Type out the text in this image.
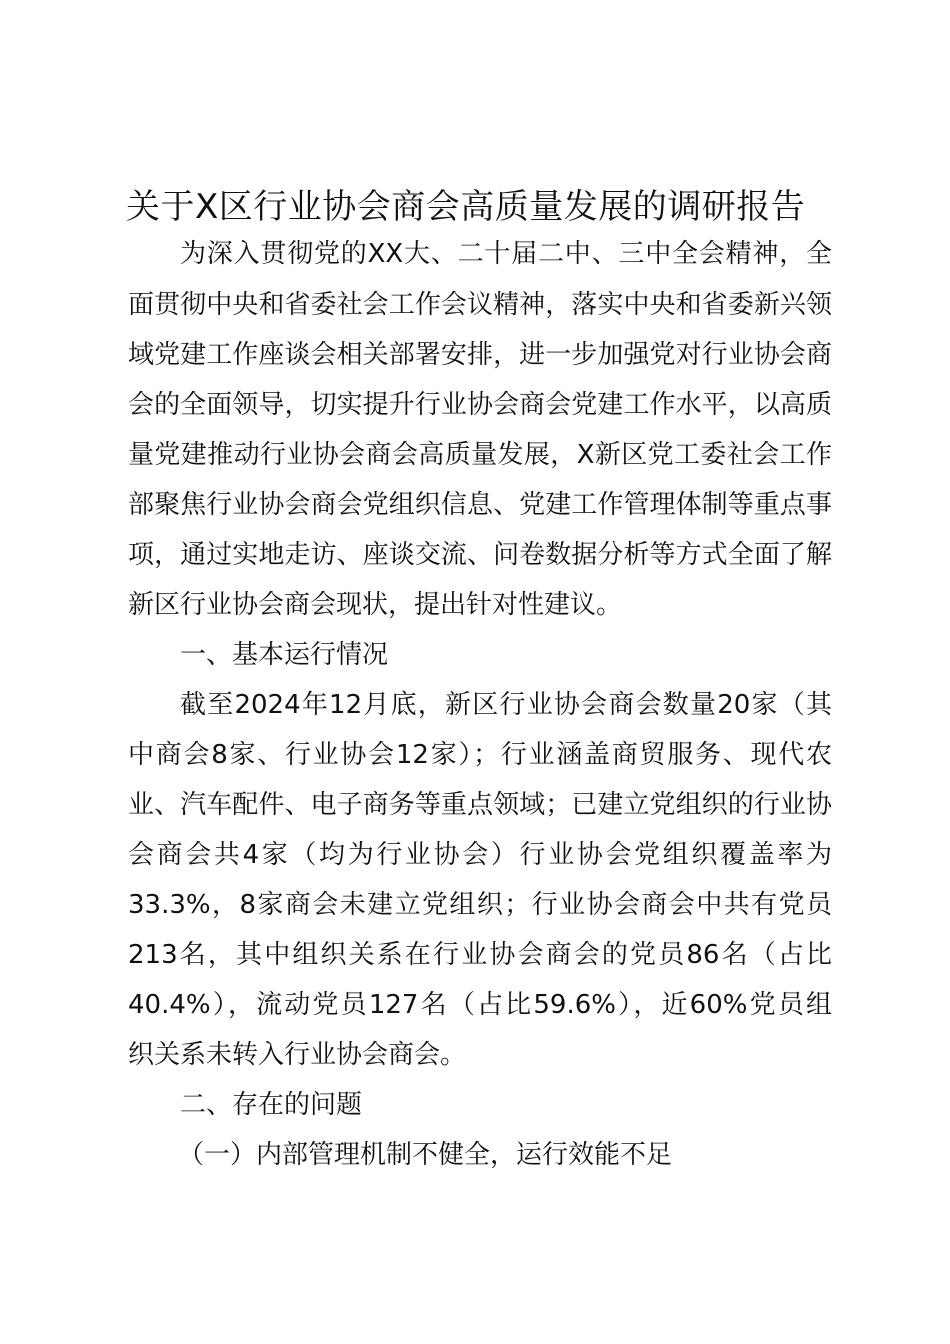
关于X区行业协会商会高质量发展的调研报告
为深入贯彻党的XX大、二十届二中、三中全会精神，全
面贯彻中央和省委社会工作会议精神，落实中央和省委新兴领
域党建工作座谈会相关部署安排，进一步加强党对行业协会商
会的全面领导，切实提升行业协会商会党建工作水平，以高质
量党建推动行业协会商会高质量发展，X新区党工委社会工作
部聚焦行业协会商会党组织信息、党建工作管理体制等重点事
项，通过实地走访、座谈交流、问卷数据分析等方式全面了解
新区行业协会商会现状，提出针对性建议。
一、基本运行情况
截至2024年12月底，新区行业协会商会数量20家（其
中商会8家、行业协会12家）；行业涵盖商贸服务、现代农
业、汽车配件、电子商务等重点领域；已建立党组织的行业协
会商会共4家（均为行业协会）行业协会党组织覆盖率为
33.3%，8家商会未建立党组织；行业协会商会中共有党员
213名，其中组织关系在行业协会商会的党员86名（占比
40.4%），流动党员127名（占比59.6%），近60%党员组
织关系未转入行业协会商会。
二、存在的问题
（一）内部管理机制不健全，运行效能不足
